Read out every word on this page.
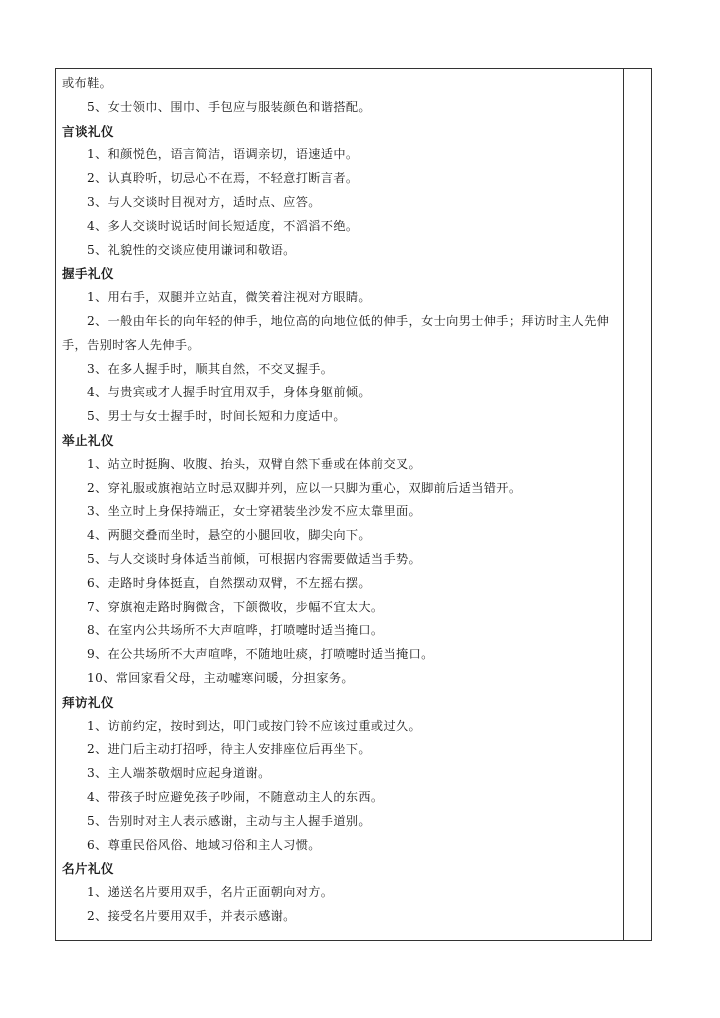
或布鞋。
5、女士领巾、围巾、手包应与服装颜色和谐搭配。
言谈礼仪
1、和颜悦色，语言简洁，语调亲切，语速适中。
2、认真聆听，切忌心不在焉，不轻意打断言者。
3、与人交谈时目视对方，适时点、应答。
4、多人交谈时说话时间长短适度，不滔滔不绝。
5、礼貌性的交谈应使用谦词和敬语。
握手礼仪
1、用右手，双腿并立站直，微笑着注视对方眼睛。
2、一般由年长的向年轻的伸手，地位高的向地位低的伸手，女士向男士伸手；拜访时主人先伸
手，告别时客人先伸手。
3、在多人握手时，顺其自然，不交叉握手。
4、与贵宾或才人握手时宜用双手，身体身躯前倾。
5、男士与女士握手时，时间长短和力度适中。
举止礼仪
1、站立时挺胸、收腹、抬头，双臂自然下垂或在体前交叉。
2、穿礼服或旗袍站立时忌双脚并列，应以一只脚为重心，双脚前后适当错开。
3、坐立时上身保持端正，女士穿裙装坐沙发不应太靠里面。
4、两腿交叠而坐时，悬空的小腿回收，脚尖向下。
5、与人交谈时身体适当前倾，可根据内容需要做适当手势。
6、走路时身体挺直，自然摆动双臂，不左摇右摆。
7、穿旗袍走路时胸微含，下颌微收，步幅不宜太大。
8、在室内公共场所不大声喧哗，打喷嚏时适当掩口。
9、在公共场所不大声喧哗，不随地吐痰，打喷嚏时适当掩口。
10、常回家看父母，主动嘘寒问暖，分担家务。
拜访礼仪
1、访前约定，按时到达，叩门或按门铃不应该过重或过久。
2、进门后主动打招呼，待主人安排座位后再坐下。
3、主人端茶敬烟时应起身道谢。
4、带孩子时应避免孩子吵闹，不随意动主人的东西。
5、告别时对主人表示感谢，主动与主人握手道别。
6、尊重民俗风俗、地域习俗和主人习惯。
名片礼仪
1、递送名片要用双手，名片正面朝向对方。
2、接受名片要用双手，并表示感谢。
